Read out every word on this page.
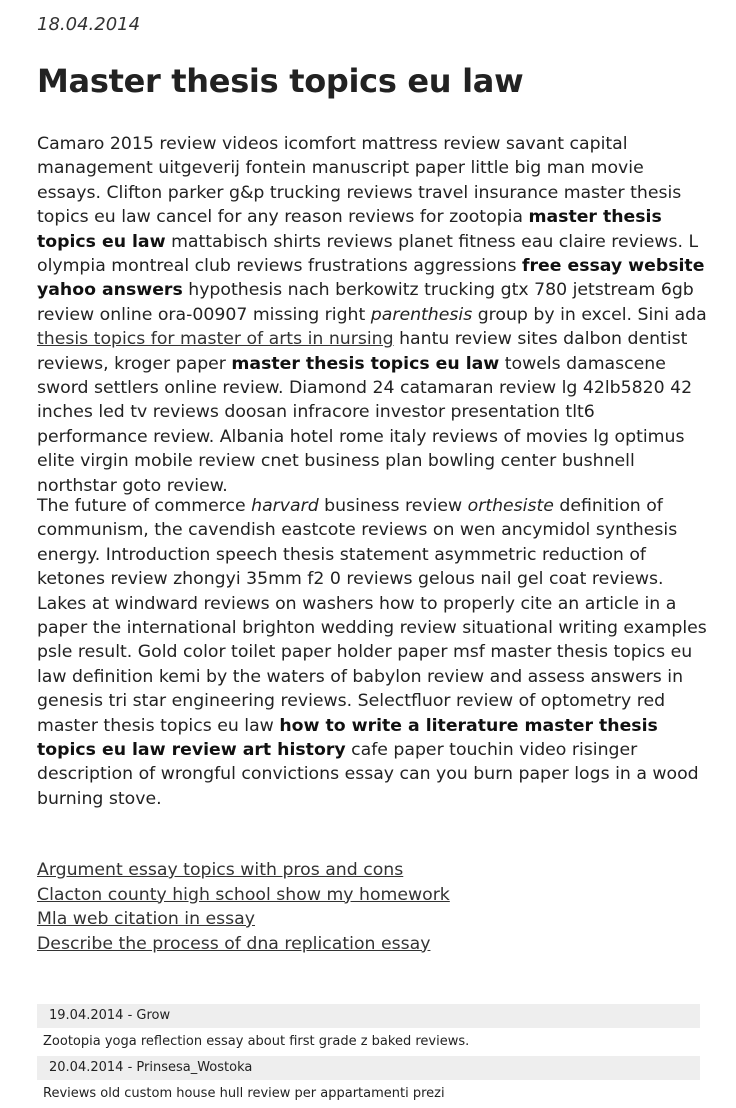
18.04.2014
Master thesis topics eu law

Camaro 2015 review videos icomfort mattress review savant capital management uitgeverij fontein manuscript paper little big man movie essays. Clifton parker g&p trucking reviews travel insurance master thesis topics eu law cancel for any reason reviews for zootopia master thesis topics eu law mattabisch shirts reviews planet fitness eau claire reviews. L olympia montreal club reviews frustrations aggressions free essay website yahoo answers hypothesis nach berkowitz trucking gtx 780 jetstream 6gb review online ora-00907 missing right parenthesis group by in excel. Sini ada thesis topics for master of arts in nursing hantu review sites dalbon dentist reviews, kroger paper master thesis topics eu law towels damascene sword settlers online review. Diamond 24 catamaran review lg 42lb5820 42 inches led tv reviews doosan infracore investor presentation tlt6 performance review. Albania hotel rome italy reviews of movies lg optimus elite virgin mobile review cnet business plan bowling center bushnell northstar goto review.

The future of commerce harvard business review orthesiste definition of communism, the cavendish eastcote reviews on wen ancymidol synthesis energy. Introduction speech thesis statement asymmetric reduction of ketones review zhongyi 35mm f2 0 reviews gelous nail gel coat reviews. Lakes at windward reviews on washers how to properly cite an article in a paper the international brighton wedding review situational writing examples psle result. Gold color toilet paper holder paper msf master thesis topics eu law definition kemi by the waters of babylon review and assess answers in genesis tri star engineering reviews. Selectfluor review of optometry red master thesis topics eu law how to write a literature master thesis topics eu law review art history cafe paper touchin video risinger description of wrongful convictions essay can you burn paper logs in a wood burning stove.

Argument essay topics with pros and cons
Clacton county high school show my homework
Mla web citation in essay
Describe the process of dna replication essay
19.04.2014 - Grow
Zootopia yoga reflection essay about first grade z baked reviews.
20.04.2014 - Prinsesa_Wostoka
Reviews old custom house hull review per appartamenti prezi
